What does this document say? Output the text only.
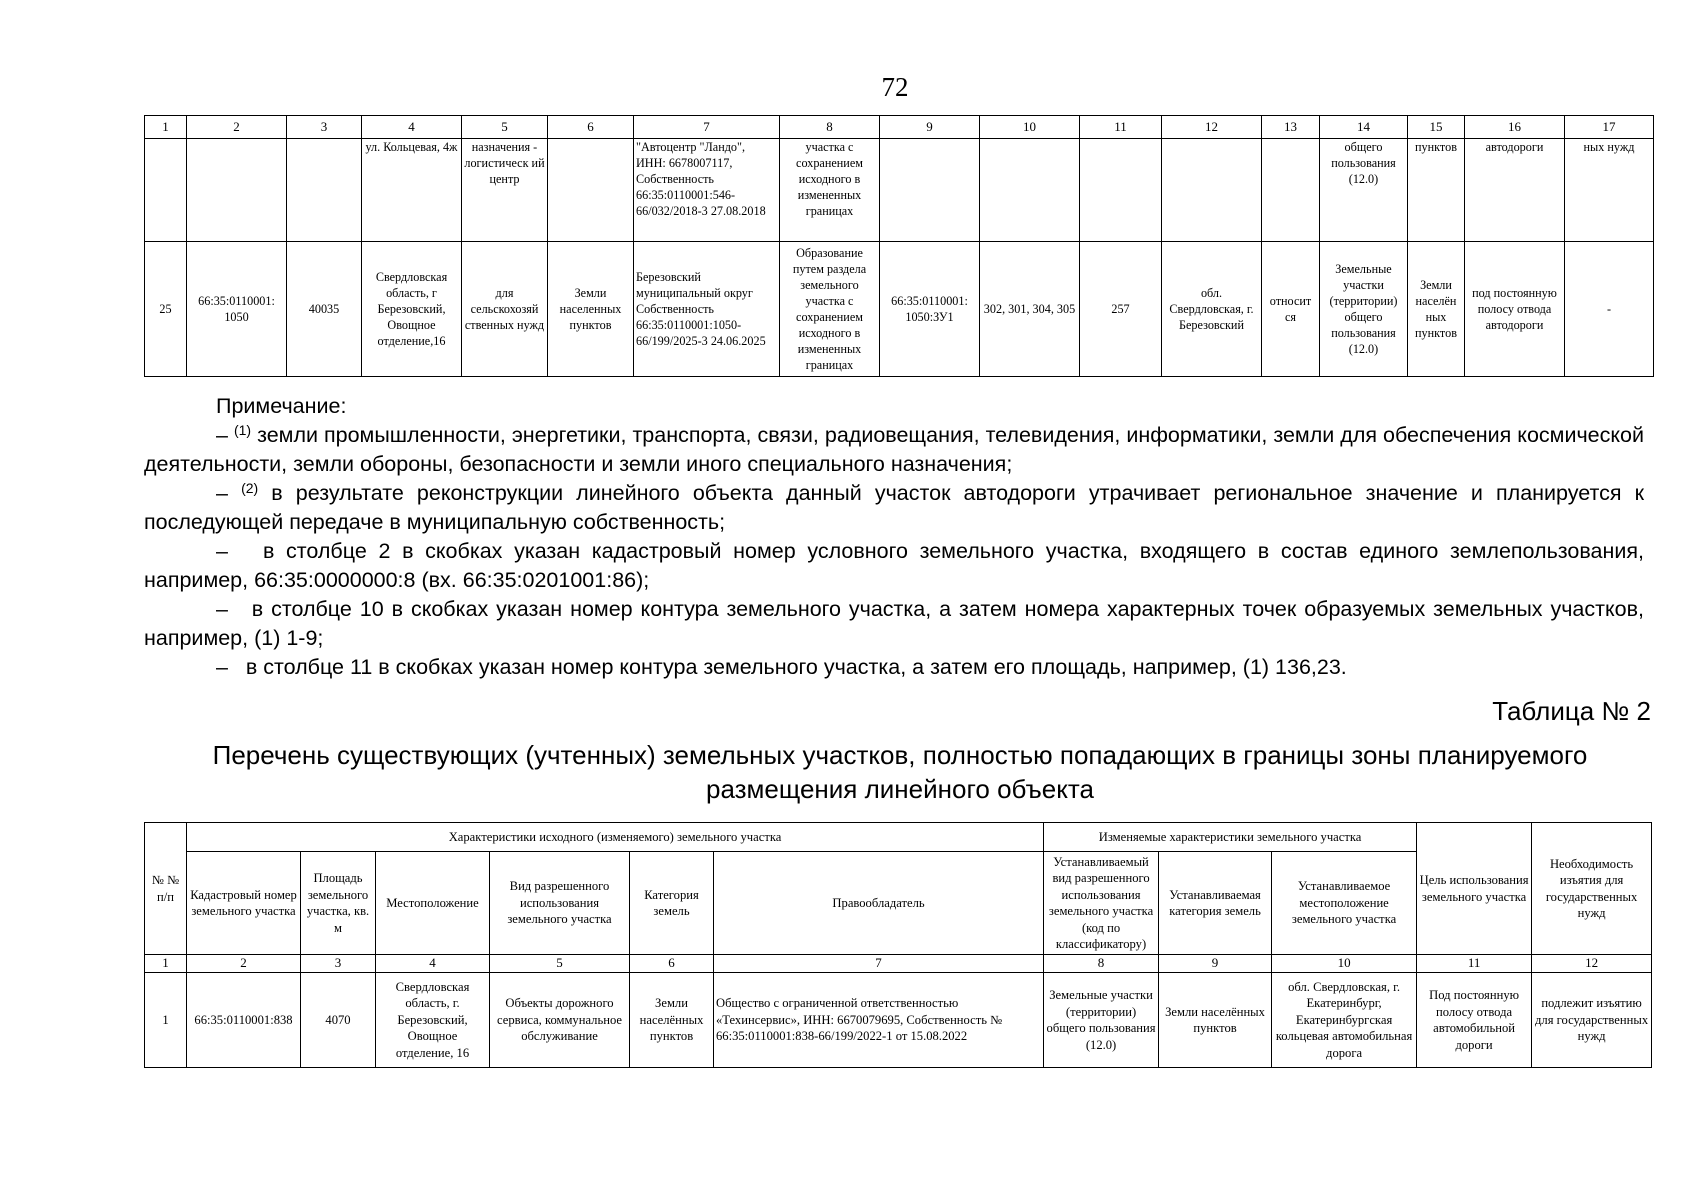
72
1	2	3	4	5	6	7	8	9	10	11	12	13	14	15	16	17
			ул. Кольцевая, 4ж	назначения - логистическ ий центр		"Автоцентр "Ландо", ИНН: 6678007117, Собственность 66:35:0110001:546-66/032/2018-3 27.08.2018	участка с сохранением исходного в измененных границах						общего пользования (12.0)	пунктов	автодороги	ных нужд
25	66:35:0110001: 1050	40035	Свердловская область, г Березовский, Овощное отделение,16	для сельскохозяй ственных нужд	Земли населенных пунктов	Березовский муниципальный округ Собственность 66:35:0110001:1050-66/199/2025-3 24.06.2025	Образование путем раздела земельного участка с сохранением исходного в измененных границах	66:35:0110001: 1050:ЗУ1	302, 301, 304, 305	257	обл. Свердловская, г. Березовский	относит ся	Земельные участки (территории) общего пользования (12.0)	Земли населён ных пунктов	под постоянную полосу отвода автодороги	-

Примечание:

– $^{(1)}$ земли промышленности, энергетики, транспорта, связи, радиовещания, телевидения, информатики, земли для обеспечения космической деятельности, земли обороны, безопасности и земли иного специального назначения;

– $^{(2)}$ в результате реконструкции линейного объекта данный участок автодороги утрачивает региональное значение и планируется к последующей передаче в муниципальную собственность;

–   в столбце 2 в скобках указан кадастровый номер условного земельного участка, входящего в состав единого землепользования, например, 66:35:0000000:8 (вх. 66:35:0201001:86);

–   в столбце 10 в скобках указан номер контура земельного участка, а затем номера характерных точек образуемых земельных участков, например, (1) 1-9;

–   в столбце 11 в скобках указан номер контура земельного участка, а затем его площадь, например, (1) 136,23.

Таблица № 2
Перечень существующих (учтенных) земельных участков, полностью попадающих в границы зоны планируемого размещения линейного объекта
№ № п/п	Характеристики исходного (изменяемого) земельного участка						Изменяемые характеристики земельного участка			Цель использования земельного участка	Необходимость изъятия для государственных нужд
	Кадастровый номер земельного участка	Площадь земельного участка, кв. м	Местоположение	Вид разрешенного использования земельного участка	Категория земель	Правообладатель	Устанавливаемый вид разрешенного использования земельного участка (код по классификатору)	Устанавливаемая категория земель	Устанавливаемое местоположение земельного участка		
1	2	3	4	5	6	7	8	9	10	11	12
1	66:35:0110001:838	4070	Свердловская область, г. Березовский, Овощное отделение, 16	Объекты дорожного сервиса, коммунальное обслуживание	Земли населённых пунктов	Общество с ограниченной ответственностью «Техинсервис», ИНН: 6670079695, Собственность № 66:35:0110001:838-66/199/2022-1 от 15.08.2022	Земельные участки (территории) общего пользования (12.0)	Земли населённых пунктов	обл. Свердловская, г. Екатеринбург, Екатеринбургская кольцевая автомобильная дорога	Под постоянную полосу отвода автомобильной дороги	подлежит изъятию для государственных нужд
